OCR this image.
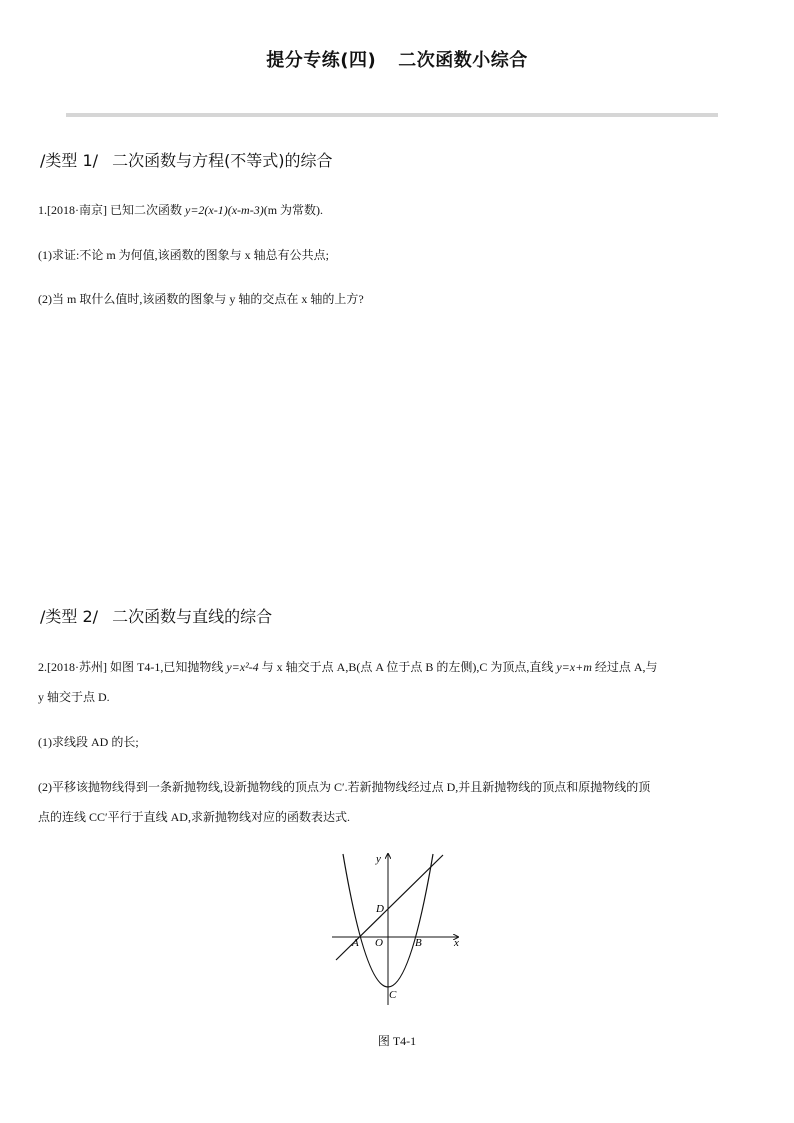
提分专练(四) 二次函数小综合
/类型 1/ 二次函数与方程(不等式)的综合
1.[2018·南京] 已知二次函数 y=2(x-1)(x-m-3)(m 为常数).
(1)求证:不论 m 为何值,该函数的图象与 x 轴总有公共点;
(2)当 m 取什么值时,该函数的图象与 y 轴的交点在 x 轴的上方?
/类型 2/ 二次函数与直线的综合
2.[2018·苏州] 如图 T4-1,已知抛物线 y=x²-4 与 x 轴交于点 A,B(点 A 位于点 B 的左侧),C 为顶点,直线 y=x+m 经过点 A,与
y 轴交于点 D.
(1)求线段 AD 的长;
(2)平移该抛物线得到一条新抛物线,设新抛物线的顶点为 C′.若新抛物线经过点 D,并且新抛物线的顶点和原抛物线的顶
点的连线 CC′平行于直线 AD,求新抛物线对应的函数表达式.
y
x
D
A O	B
C
图 T4-1
